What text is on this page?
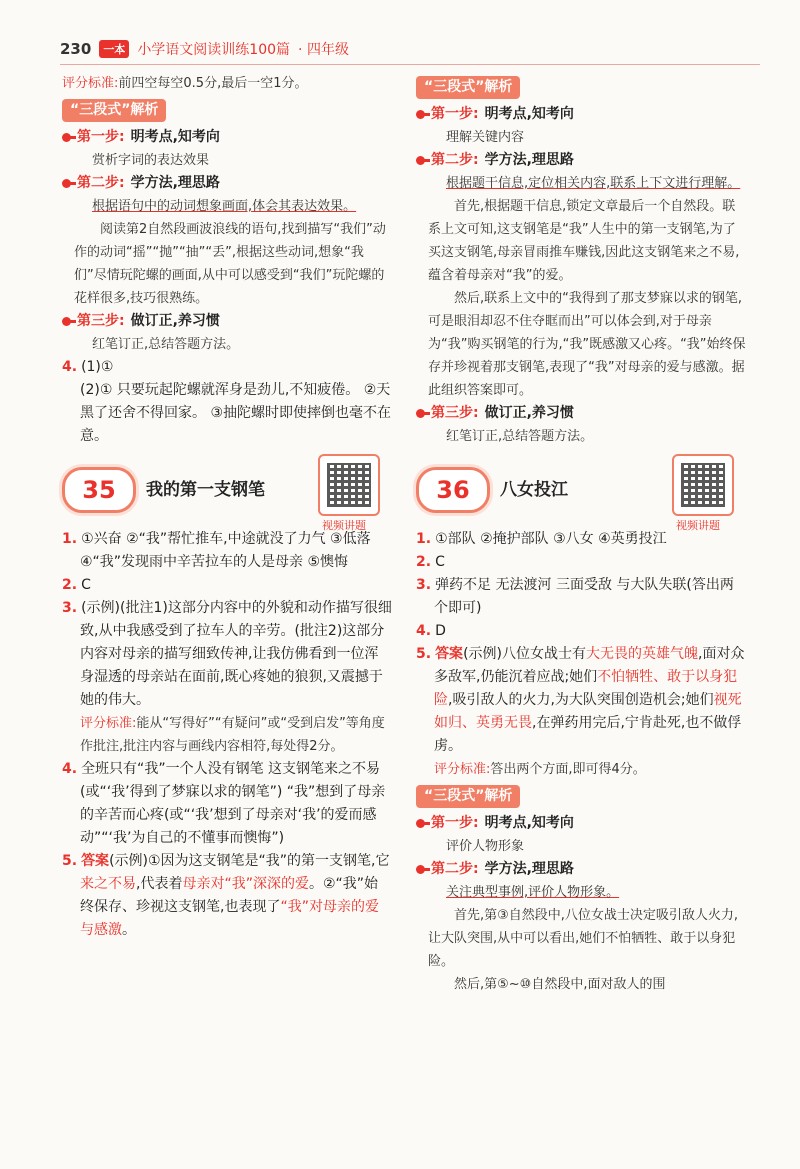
230	一本 小学语文阅读训练100篇 · 四年级
评分标准:前四空每空0.5分,最后一空1分。
“三段式”解析
第一步: 明考点,知考向
赏析字词的表达效果
第二步: 学方法,理思路
根据语句中的动词想象画面,体会其表达效果。
阅读第2自然段画波浪线的语句,找到描写“我们”动作的动词“摇”“抛”“抽”“丢”,根据这些动词,想象“我们”尽情玩陀螺的画面,从中可以感受到“我们”玩陀螺的花样很多,技巧很熟练。
第三步: 做订正,养习惯
红笔订正,总结答题方法。
4. (1)①
(2)① 只要玩起陀螺就浑身是劲儿,不知疲倦。 ②天黑了还舍不得回家。 ③抽陀螺时即使摔倒也毫不在意。
35	我的第一支钢笔
视频讲题
1. ①兴奋 ②“我”帮忙推车,中途就没了力气 ③低落 ④“我”发现雨中辛苦拉车的人是母亲 ⑤懊悔
2. C
3. (示例)(批注1)这部分内容中的外貌和动作描写很细致,从中我感受到了拉车人的辛劳。(批注2)这部分内容对母亲的描写细致传神,让我仿佛看到一位浑身湿透的母亲站在面前,既心疼她的狼狈,又震撼于她的伟大。
评分标准:能从“写得好”“有疑问”或“受到启发”等角度作批注,批注内容与画线内容相符,每处得2分。
4. 全班只有“我”一个人没有钢笔 这支钢笔来之不易(或“‘我’得到了梦寐以求的钢笔”) “我”想到了母亲的辛苦而心疼(或“‘我’想到了母亲对‘我’的爱而感动”“‘我’为自己的不懂事而懊悔”)
5. 答案(示例)①因为这支钢笔是“我”的第一支钢笔,它来之不易,代表着母亲对“我”深深的爱。②“我”始终保存、珍视这支钢笔,也表现了“我”对母亲的爱与感激。
“三段式”解析
第一步: 明考点,知考向
理解关键内容
第二步: 学方法,理思路
根据题干信息,定位相关内容,联系上下文进行理解。
首先,根据题干信息,锁定文章最后一个自然段。联系上文可知,这支钢笔是“我”人生中的第一支钢笔,为了买这支钢笔,母亲冒雨推车赚钱,因此这支钢笔来之不易,蕴含着母亲对“我”的爱。
然后,联系上文中的“我得到了那支梦寐以求的钢笔,可是眼泪却忍不住夺眶而出”可以体会到,对于母亲为“我”购买钢笔的行为,“我”既感激又心疼。“我”始终保存并珍视着那支钢笔,表现了“我”对母亲的爱与感激。据此组织答案即可。
第三步: 做订正,养习惯
红笔订正,总结答题方法。
36	八女投江
视频讲题
1. ①部队 ②掩护部队 ③八女 ④英勇投江
2. C
3. 弹药不足 无法渡河 三面受敌 与大队失联(答出两个即可)
4. D
5. 答案(示例)八位女战士有大无畏的英雄气魄,面对众多敌军,仍能沉着应战;她们不怕牺牲、敢于以身犯险,吸引敌人的火力,为大队突围创造机会;她们视死如归、英勇无畏,在弹药用完后,宁肯赴死,也不做俘虏。
评分标准:答出两个方面,即可得4分。
“三段式”解析
第一步: 明考点,知考向
评价人物形象
第二步: 学方法,理思路
关注典型事例,评价人物形象。
首先,第③自然段中,八位女战士决定吸引敌人火力,让大队突围,从中可以看出,她们不怕牺牲、敢于以身犯险。
然后,第⑤~⑩自然段中,面对敌人的围
